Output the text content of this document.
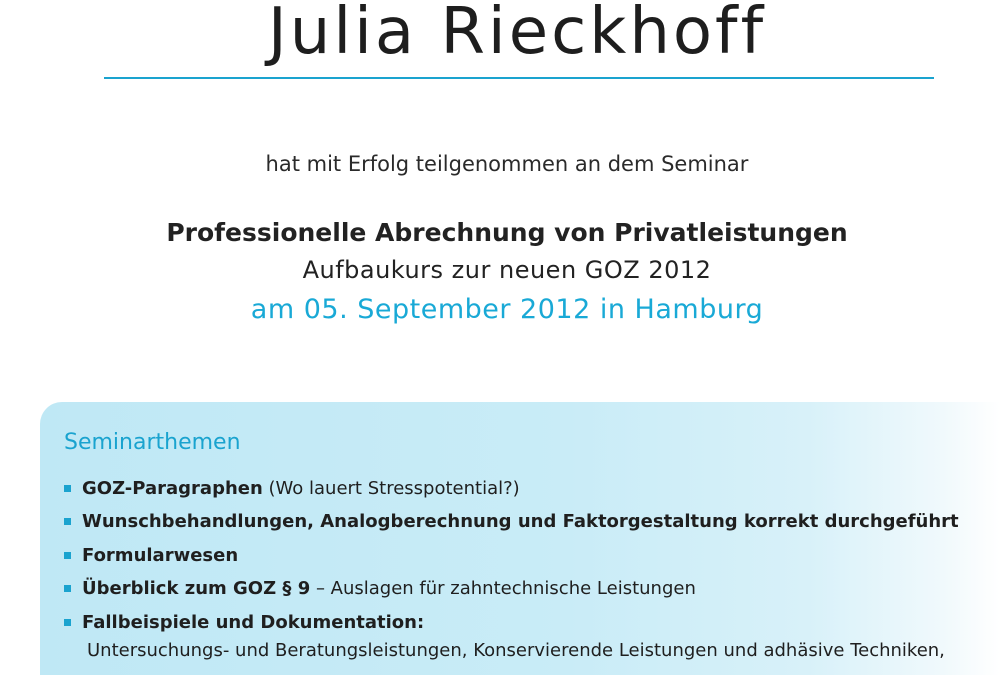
Julia Rieckhoff
hat mit Erfolg teilgenommen an dem Seminar
Professionelle Abrechnung von Privatleistungen
Aufbaukurs zur neuen GOZ 2012
am 05. September 2012 in Hamburg
Seminarthemen
GOZ-Paragraphen (Wo lauert Stresspotential?)
Wunschbehandlungen, Analogberechnung und Faktorgestaltung korrekt durchgeführt
Formularwesen
Überblick zum GOZ § 9 – Auslagen für zahntechnische Leistungen
Fallbeispiele und Dokumentation:
Untersuchungs- und Beratungsleistungen, Konservierende Leistungen und adhäsive Techniken,
